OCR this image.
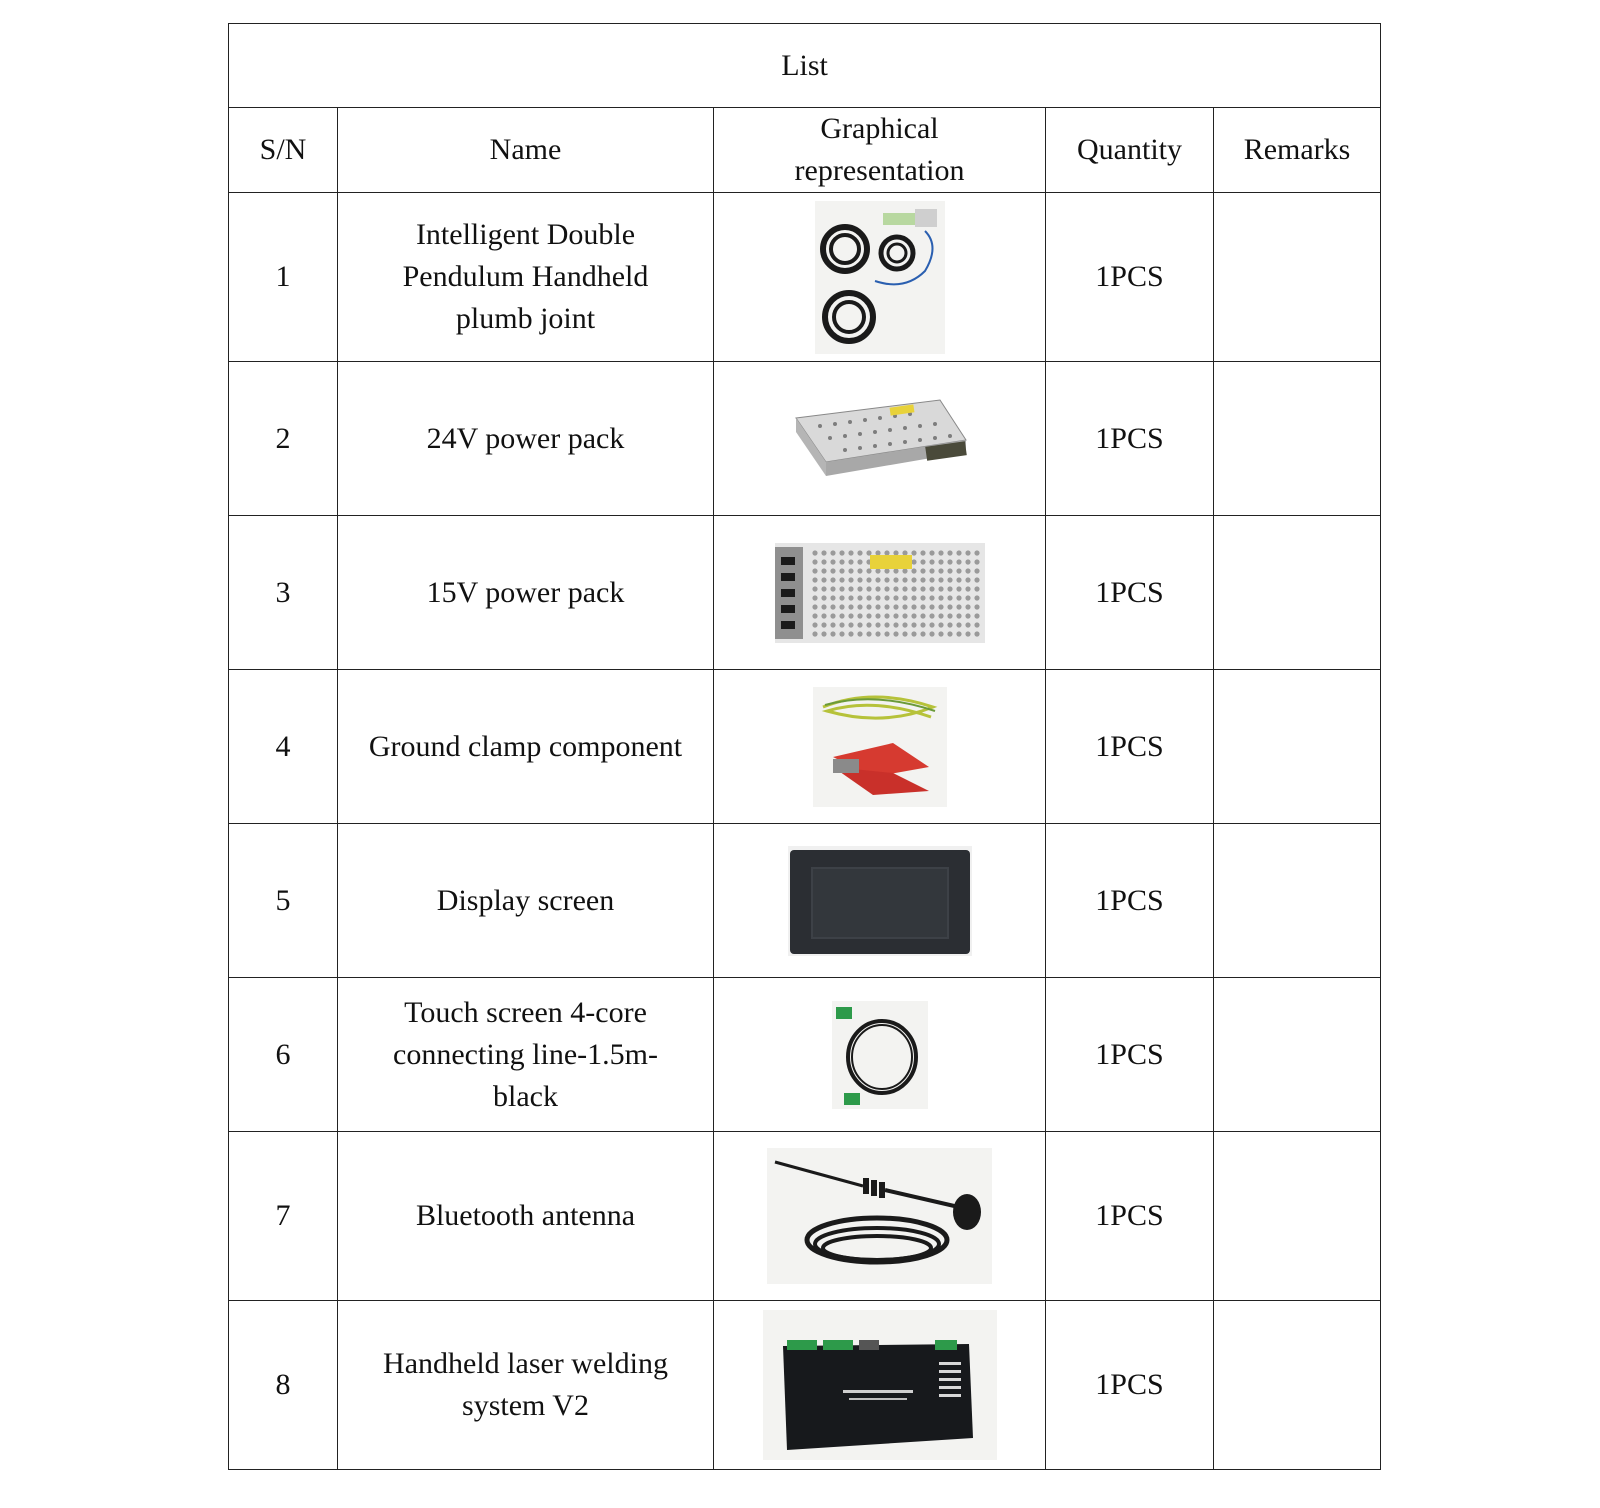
List				
S/N	Name	Graphical representation	Quantity	Remarks
1	Intelligent Double Pendulum Handheld plumb joint		1PCS	
2	24V power pack		1PCS	
3	15V power pack		1PCS	
4	Ground clamp component		1PCS	
5	Display screen		1PCS	
6	Touch screen 4-core connecting line-1.5m-black		1PCS	
7	Bluetooth antenna		1PCS	
8	Handheld laser welding system V2		1PCS	
